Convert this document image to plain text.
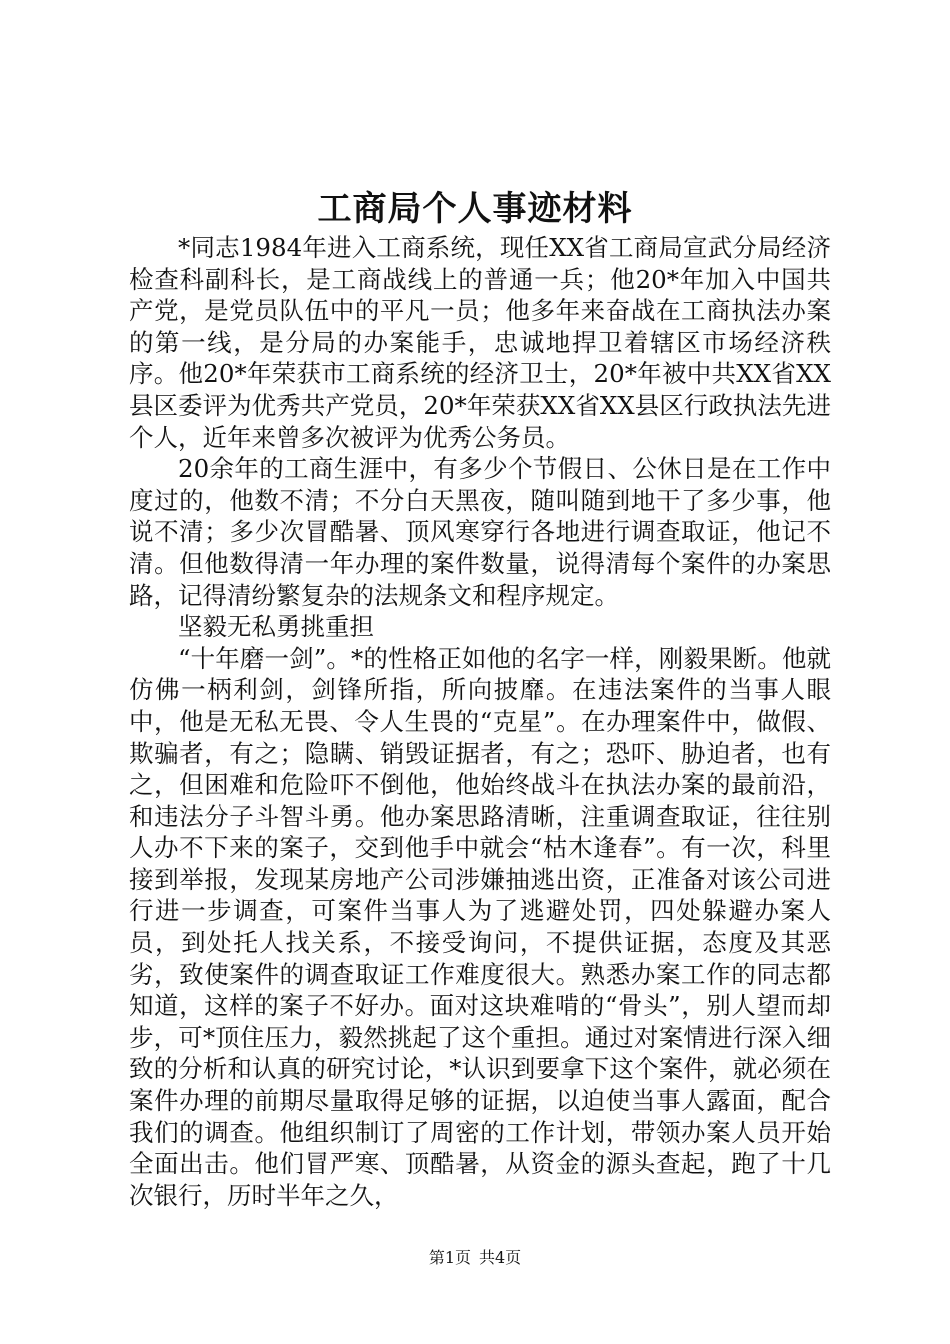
工商局个人事迹材料

*同志1984年进入工商系统，现任XX省工商局宣武分局经济检查科副科长，是工商战线上的普通一兵；他20*年加入中国共产党，是党员队伍中的平凡一员；他多年来奋战在工商执法办案的第一线，是分局的办案能手，忠诚地捍卫着辖区市场经济秩序。他20*年荣获市工商系统的经济卫士，20*年被中共XX省XX县区委评为优秀共产党员，20*年荣获XX省XX县区行政执法先进个人，近年来曾多次被评为优秀公务员。

20余年的工商生涯中，有多少个节假日、公休日是在工作中度过的，他数不清；不分白天黑夜，随叫随到地干了多少事，他说不清；多少次冒酷暑、顶风寒穿行各地进行调查取证，他记不清。但他数得清一年办理的案件数量，说得清每个案件的办案思路，记得清纷繁复杂的法规条文和程序规定。

坚毅无私勇挑重担

“十年磨一剑”。*的性格正如他的名字一样，刚毅果断。他就仿佛一柄利剑，剑锋所指，所向披靡。在违法案件的当事人眼中，他是无私无畏、令人生畏的“克星”。在办理案件中，做假、欺骗者，有之；隐瞒、销毁证据者，有之；恐吓、胁迫者，也有之，但困难和危险吓不倒他，他始终战斗在执法办案的最前沿，和违法分子斗智斗勇。他办案思路清晰，注重调查取证，往往别人办不下来的案子，交到他手中就会“枯木逢春”。有一次，科里接到举报，发现某房地产公司涉嫌抽逃出资，正准备对该公司进行进一步调查，可案件当事人为了逃避处罚，四处躲避办案人员，到处托人找关系，不接受询问，不提供证据，态度及其恶劣，致使案件的调查取证工作难度很大。熟悉办案工作的同志都知道，这样的案子不好办。面对这块难啃的“骨头”，别人望而却步，可*顶住压力，毅然挑起了这个重担。通过对案情进行深入细致的分析和认真的研究讨论，*认识到要拿下这个案件，就必须在案件办理的前期尽量取得足够的证据，以迫使当事人露面，配合我们的调查。他组织制订了周密的工作计划，带领办案人员开始全面出击。他们冒严寒、顶酷暑，从资金的源头查起，跑了十几次银行，历时半年之久，

第1页 共4页
